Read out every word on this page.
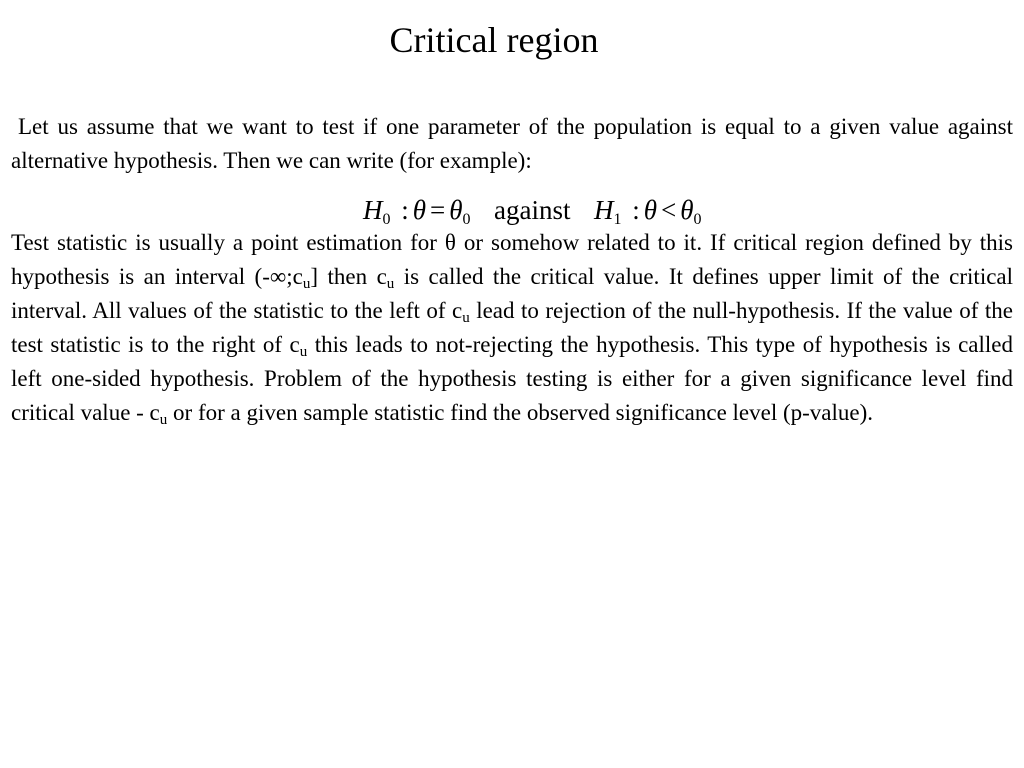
Critical region

Let us assume that we want to test if one parameter of the population is equal to a given value against alternative hypothesis. Then we can write (for example):

$H_0$ : $\theta = \theta_0$ against $H_1$ : $\theta < \theta_0$

Test statistic is usually a point estimation for θ or somehow related to it. If critical region defined by this hypothesis is an interval $(-\infty;c_u]$ then $c_u$ is called the critical value. It defines upper limit of the critical interval. All values of the statistic to the left of $c_u$ lead to rejection of the null-hypothesis. If the value of the test statistic is to the right of $c_u$ this leads to not-rejecting the hypothesis. This type of hypothesis is called left one-sided hypothesis. Problem of the hypothesis testing is either for a given significance level find critical value - $c_u$ or for a given sample statistic find the observed significance level (p-value).
